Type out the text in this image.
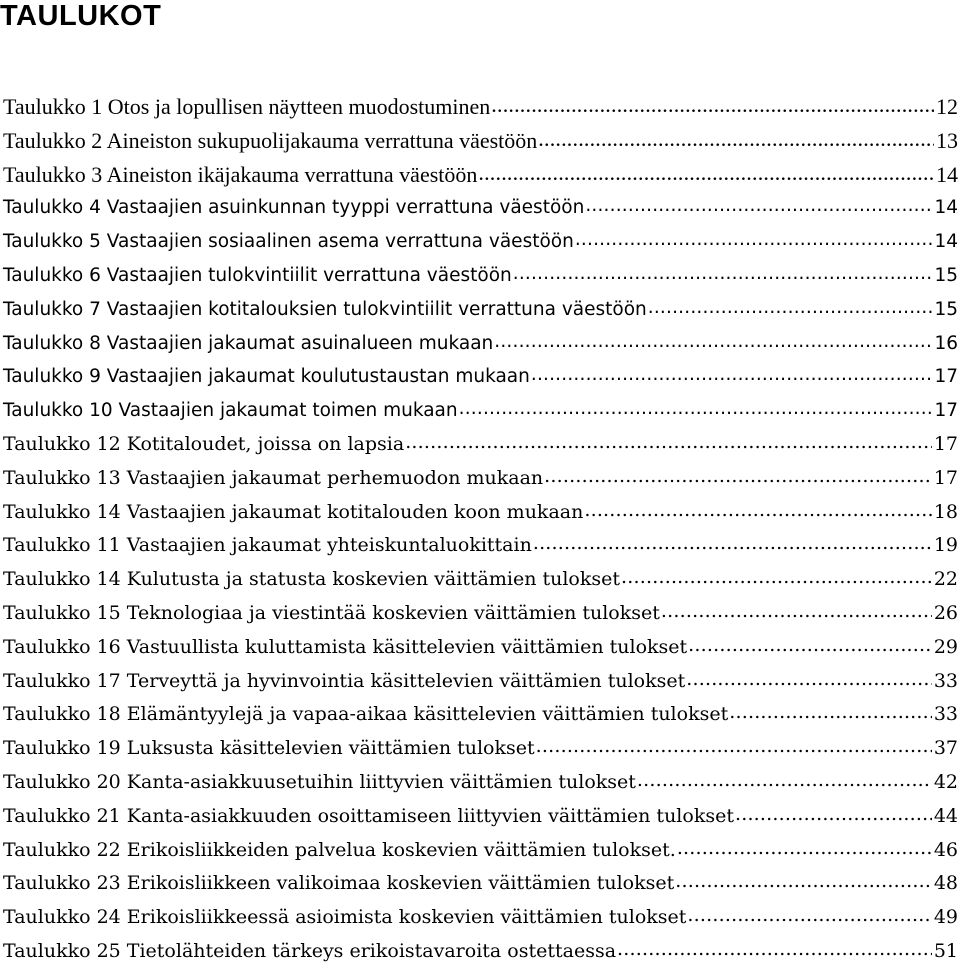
TAULUKOT
Taulukko 1 Otos ja lopullisen näytteen muodostuminen .....	12
Taulukko 2 Aineiston sukupuolijakauma verrattuna väestöön .....	13
Taulukko 3 Aineiston ikäjakauma verrattuna väestöön .....	14
Taulukko 4 Vastaajien asuinkunnan tyyppi verrattuna väestöön .....	14
Taulukko 5 Vastaajien sosiaalinen asema verrattuna väestöön .....	14
Taulukko 6 Vastaajien tulokvintiilit verrattuna väestöön .....	15
Taulukko 7 Vastaajien kotitalouksien tulokvintiilit verrattuna väestöön .....	15
Taulukko 8 Vastaajien jakaumat asuinalueen mukaan .....	16
Taulukko 9 Vastaajien jakaumat koulutustaustan mukaan .....	17
Taulukko 10 Vastaajien jakaumat toimen mukaan .....	17
Taulukko 12 Kotitaloudet, joissa on lapsia .....	17
Taulukko 13 Vastaajien jakaumat perhemuodon mukaan .....	17
Taulukko 14 Vastaajien jakaumat kotitalouden koon mukaan .....	18
Taulukko 11 Vastaajien jakaumat yhteiskuntaluokittain .....	19
Taulukko 14 Kulutusta ja statusta koskevien väittämien tulokset .....	22
Taulukko 15 Teknologiaa ja viestintää koskevien väittämien tulokset .....	26
Taulukko 16 Vastuullista kuluttamista käsittelevien väittämien tulokset .....	29
Taulukko 17 Terveyttä ja hyvinvointia käsittelevien väittämien tulokset .....	33
Taulukko 18 Elämäntyylejä ja vapaa-aikaa käsittelevien väittämien tulokset .....	33
Taulukko 19 Luksusta käsittelevien väittämien tulokset .....	37
Taulukko 20 Kanta-asiakkuusetuihin liittyvien väittämien tulokset .....	42
Taulukko 21 Kanta-asiakkuuden osoittamiseen liittyvien väittämien tulokset .....	44
Taulukko 22 Erikoisliikkeiden palvelua koskevien väittämien tulokset. .....	46
Taulukko 23 Erikoisliikkeen valikoimaa koskevien väittämien tulokset .....	48
Taulukko 24 Erikoisliikkeessä asioimista koskevien väittämien tulokset .....	49
Taulukko 25 Tietolähteiden tärkeys erikoistavaroita ostettaessa .....	51
